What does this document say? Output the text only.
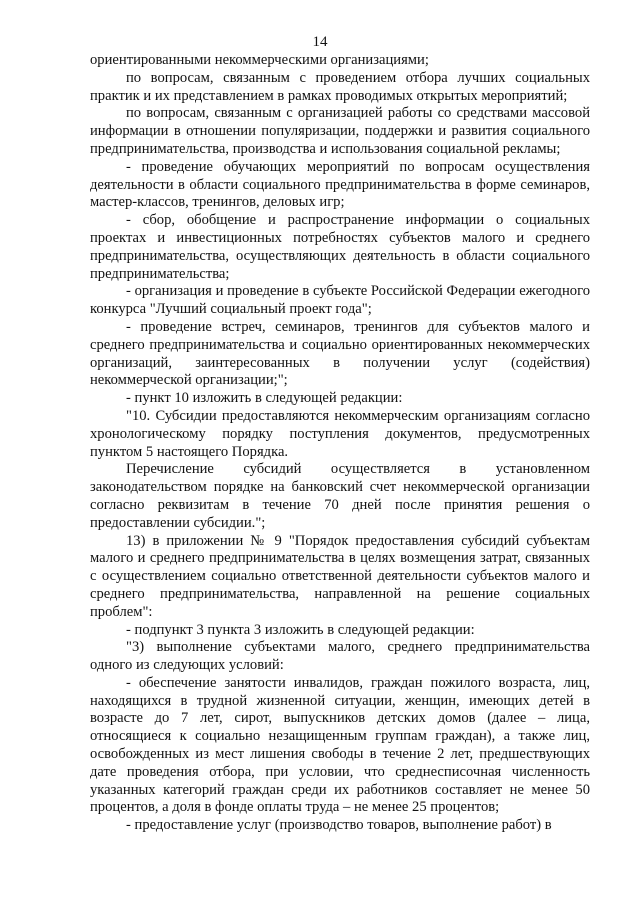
14

ориентированными некоммерческими организациями;

по вопросам, связанным с проведением отбора лучших социальных практик и их представлением в рамках проводимых открытых мероприятий;

по вопросам, связанным с организацией работы со средствами массовой информации в отношении популяризации, поддержки и развития социального предпринимательства, производства и использования социальной рекламы;

- проведение обучающих мероприятий по вопросам осуществления деятельности в области социального предпринимательства в форме семинаров, мастер-классов, тренингов, деловых игр;

- сбор, обобщение и распространение информации о социальных проектах и инвестиционных потребностях субъектов малого и среднего предпринимательства, осуществляющих деятельность в области социального предпринимательства;

- организация и проведение в субъекте Российской Федерации ежегодного конкурса "Лучший социальный проект года";

- проведение встреч, семинаров, тренингов для субъектов малого и среднего предпринимательства и социально ориентированных некоммерческих организаций, заинтересованных в получении услуг (содействия) некоммерческой организации;";

- пункт 10 изложить в следующей редакции:

"10. Субсидии предоставляются некоммерческим организациям согласно хронологическому порядку поступления документов, предусмотренных пунктом 5 настоящего Порядка.

Перечисление субсидий осуществляется в установленном законодательством порядке на банковский счет некоммерческой организации согласно реквизитам в течение 70 дней после принятия решения о предоставлении субсидии.";

13) в приложении № 9 "Порядок предоставления субсидий субъектам малого и среднего предпринимательства в целях возмещения затрат, связанных с осуществлением социально ответственной деятельности субъектов малого и среднего предпринимательства, направленной на решение социальных проблем":

- подпункт 3 пункта 3 изложить в следующей редакции:

"3) выполнение субъектами малого, среднего предпринимательства одного из следующих условий:

- обеспечение занятости инвалидов, граждан пожилого возраста, лиц, находящихся в трудной жизненной ситуации, женщин, имеющих детей в возрасте до 7 лет, сирот, выпускников детских домов (далее – лица, относящиеся к социально незащищенным группам граждан), а также лиц, освобожденных из мест лишения свободы в течение 2 лет, предшествующих дате проведения отбора, при условии, что среднесписочная численность указанных категорий граждан среди их работников составляет не менее 50 процентов, а доля в фонде оплаты труда – не менее 25 процентов;

- предоставление услуг (производство товаров, выполнение работ) в
